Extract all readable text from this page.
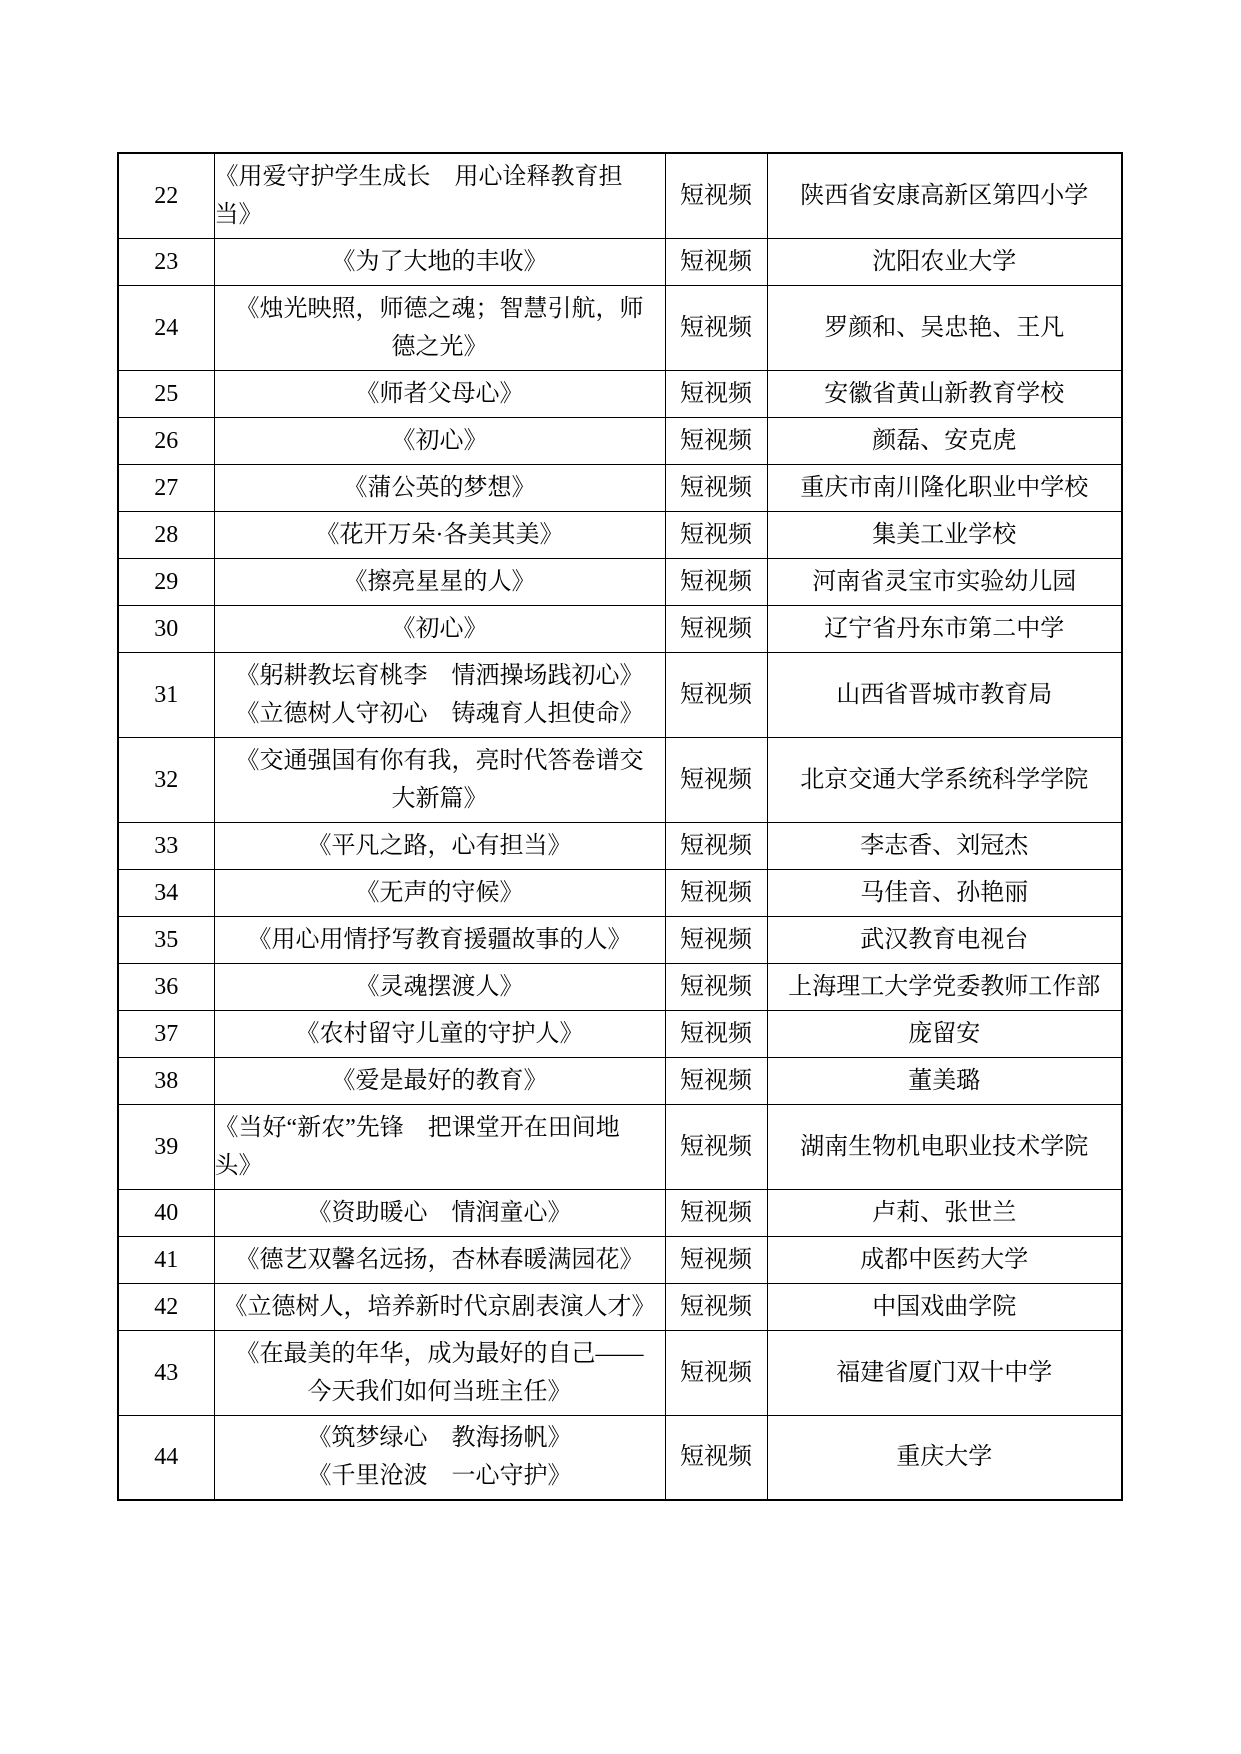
22	《用爱守护学生成长　用心诠释教育担
当》	短视频	陕西省安康高新区第四小学
23	《为了大地的丰收》	短视频	沈阳农业大学
24	《烛光映照，师德之魂；智慧引航，师
德之光》	短视频	罗颜和、吴忠艳、王凡
25	《师者父母心》	短视频	安徽省黄山新教育学校
26	《初心》	短视频	颜磊、安克虎
27	《蒲公英的梦想》	短视频	重庆市南川隆化职业中学校
28	《花开万朵·各美其美》	短视频	集美工业学校
29	《擦亮星星的人》	短视频	河南省灵宝市实验幼儿园
30	《初心》	短视频	辽宁省丹东市第二中学
31	《躬耕教坛育桃李　情洒操场践初心》
《立德树人守初心　铸魂育人担使命》	短视频	山西省晋城市教育局
32	《交通强国有你有我，亮时代答卷谱交
大新篇》	短视频	北京交通大学系统科学学院
33	《平凡之路，心有担当》	短视频	李志香、刘冠杰
34	《无声的守候》	短视频	马佳音、孙艳丽
35	《用心用情抒写教育援疆故事的人》	短视频	武汉教育电视台
36	《灵魂摆渡人》	短视频	上海理工大学党委教师工作部
37	《农村留守儿童的守护人》	短视频	庞留安
38	《爱是最好的教育》	短视频	董美璐
39	《当好“新农”先锋　把课堂开在田间地
头》	短视频	湖南生物机电职业技术学院
40	《资助暖心　情润童心》	短视频	卢莉、张世兰
41	《德艺双馨名远扬，杏林春暖满园花》	短视频	成都中医药大学
42	《立德树人，培养新时代京剧表演人才》	短视频	中国戏曲学院
43	《在最美的年华，成为最好的自己——
今天我们如何当班主任》	短视频	福建省厦门双十中学
44	《筑梦绿心　教海扬帆》
《千里沧波　一心守护》	短视频	重庆大学
